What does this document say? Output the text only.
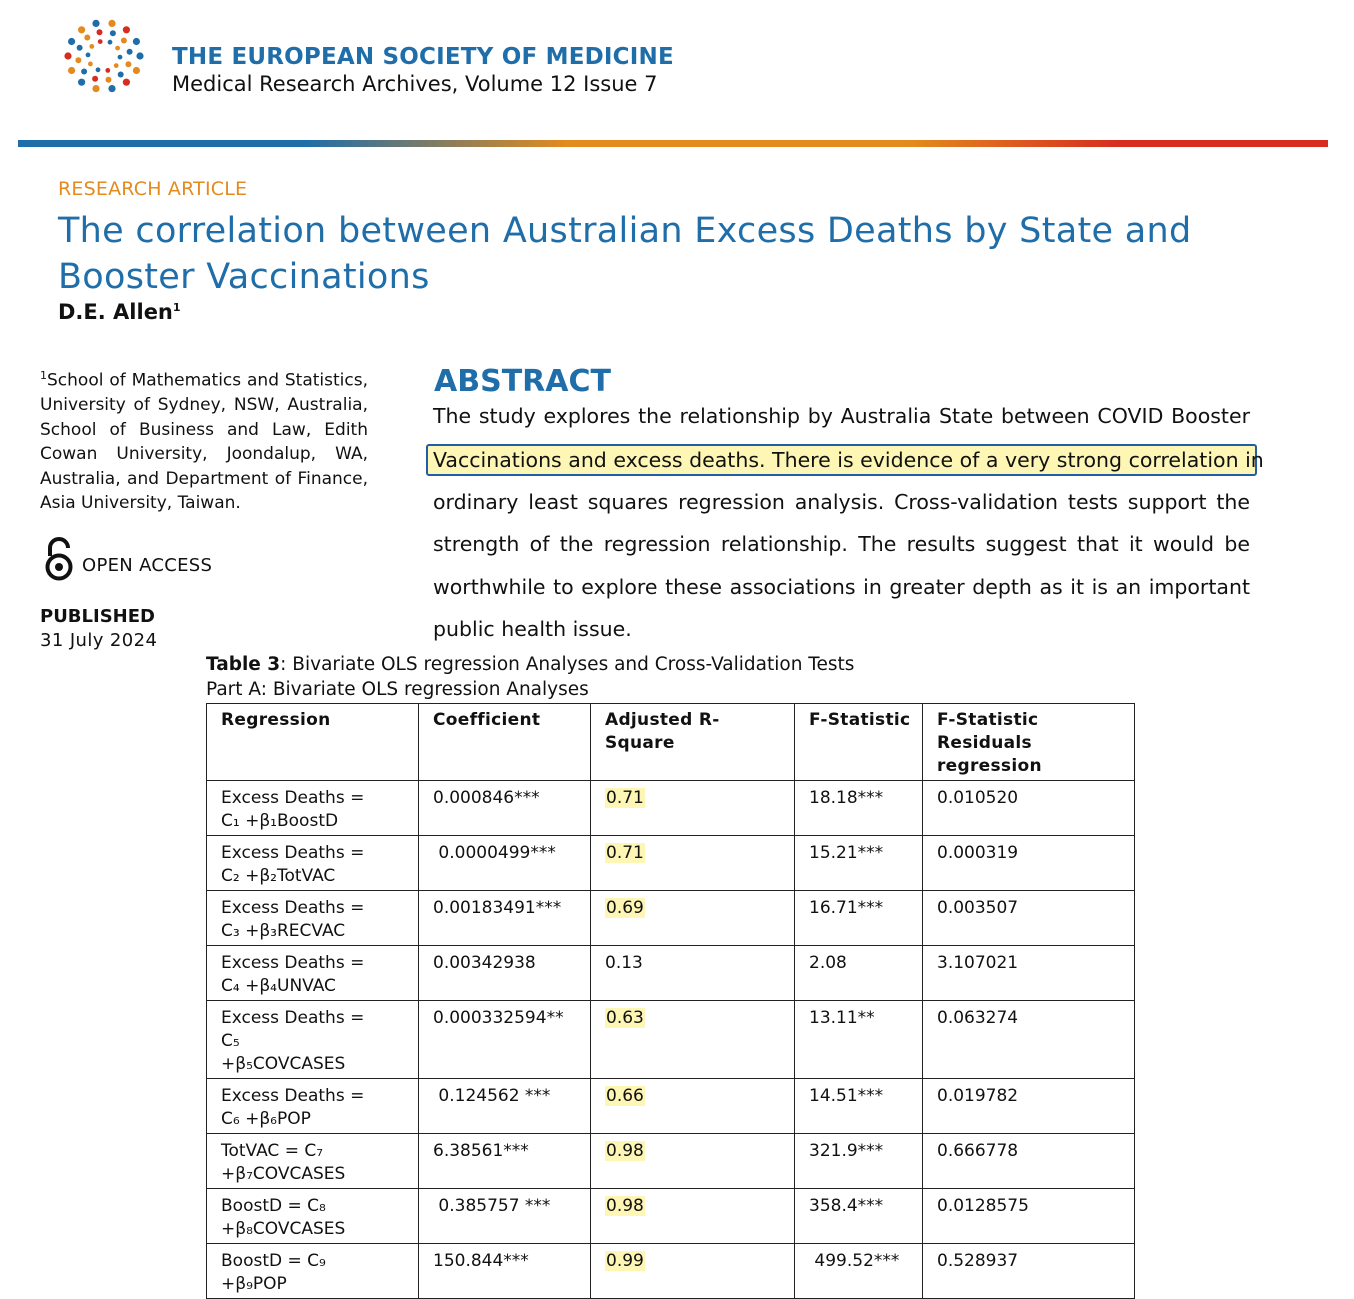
THE EUROPEAN SOCIETY OF MEDICINE
Medical Research Archives, Volume 12 Issue 7
RESEARCH ARTICLE
The correlation between Australian Excess Deaths by State and Booster Vaccinations
D.E. Allen$^1$
$^1$School of Mathematics and Statistics, University of Sydney, NSW, Australia, School of Business and Law, Edith Cowan University, Joondalup, WA, Australia, and Department of Finance, Asia University, Taiwan.
OPEN ACCESS
PUBLISHED
31 July 2024
ABSTRACT
The study explores the relationship by Australia State between COVID Booster
Vaccinations and excess deaths. There is evidence of a very strong correlation in
ordinary least squares regression analysis. Cross-validation tests support the
strength of the regression relationship. The results suggest that it would be
worthwhile to explore these associations in greater depth as it is an important
public health issue.
Table 3: Bivariate OLS regression Analyses and Cross-Validation Tests
Part A: Bivariate OLS regression Analyses
Regression	Coefficient	Adjusted R-Square	F-Statistic	F-Statistic Residuals regression
Excess Deaths =
C₁ +β₁BoostD	0.000846***	0.71	18.18***	0.010520
Excess Deaths =
C₂ +β₂TotVAC	0.0000499***	0.71	15.21***	0.000319
Excess Deaths =
C₃ +β₃RECVAC	0.00183491***	0.69	16.71***	0.003507
Excess Deaths =
C₄ +β₄UNVAC	0.00342938	0.13	2.08	3.107021
Excess Deaths =
C₅
+β₅COVCASES	0.000332594**	0.63	13.11**	0.063274
Excess Deaths =
C₆ +β₆POP	0.124562 ***	0.66	14.51***	0.019782
TotVAC = C₇
+β₇COVCASES	6.38561***	0.98	321.9***	0.666778
BoostD = C₈
+β₈COVCASES	0.385757 ***	0.98	358.4***	0.0128575
BoostD = C₉
+β₉POP	150.844***	0.99	499.52***	0.528937
